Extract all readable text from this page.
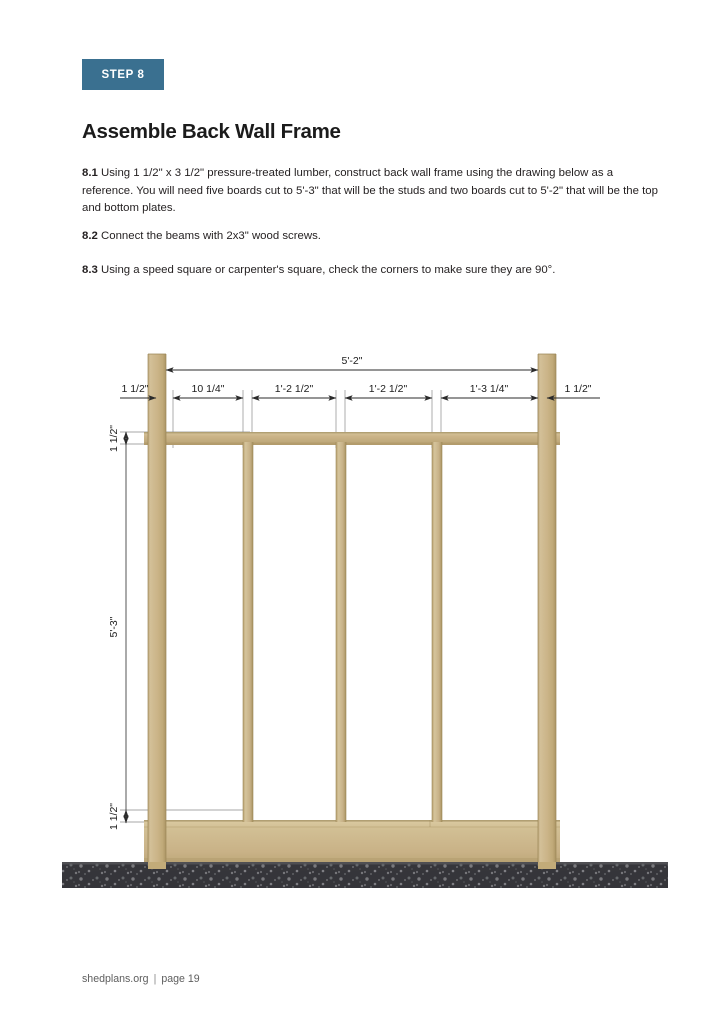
STEP 8
Assemble Back Wall Frame

8.1 Using 1 1/2" x 3 1/2" pressure-treated lumber, construct back wall frame using the drawing below as a reference. You will need five boards cut to 5'-3" that will be the studs and two boards cut to 5'-2" that will be the top and bottom plates.

8.2 Connect the beams with 2x3" wood screws.

8.3 Using a speed square or carpenter's square, check the corners to make sure they are 90°.

5'-2"
1 1/2"	10 1/4"	1'-2 1/2"	1'-2 1/2"	1'-3 1/4"	1 1/2"
1 1/2"
5'-3"
1 1/2"
shedplans.org | page 19
